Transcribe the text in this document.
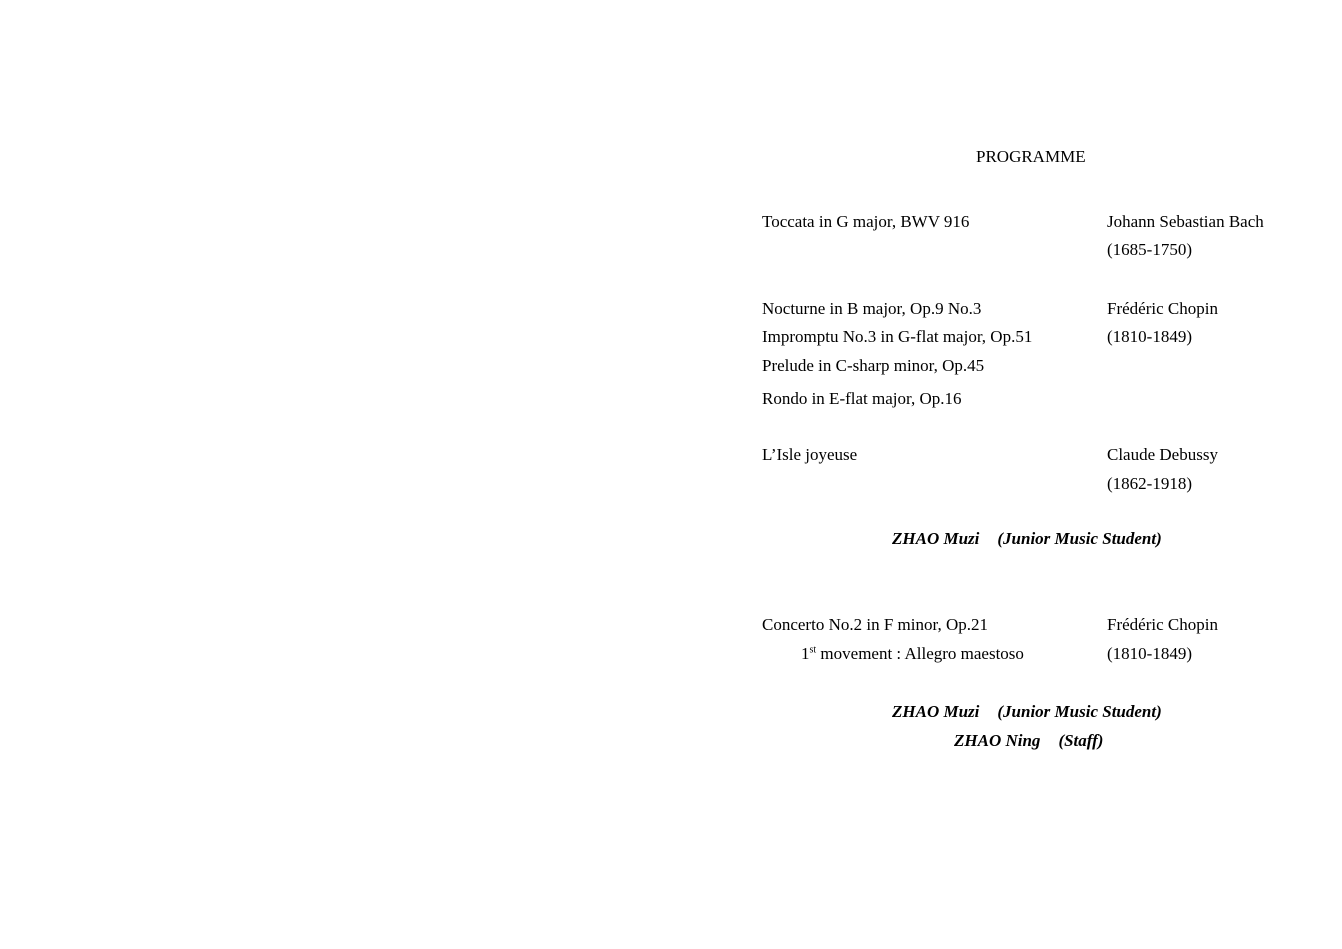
PROGRAMME
Toccata in G major, BWV 916	Johann Sebastian Bach
(1685-1750)
Nocturne in B major, Op.9 No.3	Frédéric Chopin
Impromptu No.3 in G-flat major, Op.51	(1810-1849)
Prelude in C-sharp minor, Op.45
Rondo in E-flat major, Op.16
L’Isle joyeuse	Claude Debussy
(1862-1918)
ZHAO Muzi (Junior Music Student)
Concerto No.2 in F minor, Op.21	Frédéric Chopin
1st movement : Allegro maestoso	(1810-1849)
ZHAO Muzi (Junior Music Student)
ZHAO Ning (Staff)
